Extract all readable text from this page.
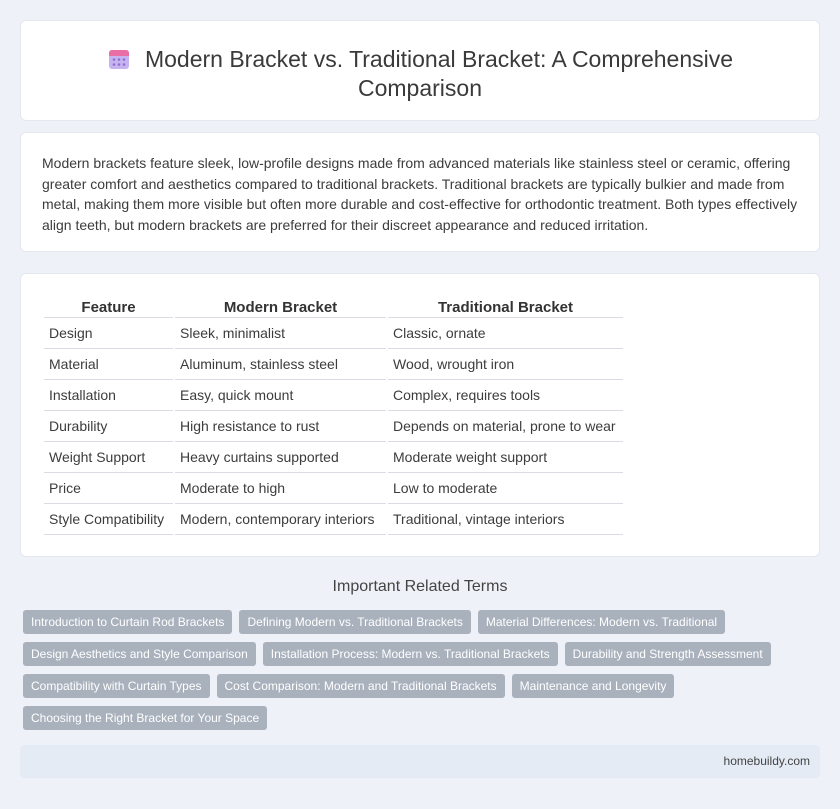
Modern Bracket vs. Traditional Bracket: A Comprehensive Comparison

Modern brackets feature sleek, low-profile designs made from advanced materials like stainless steel or ceramic, offering greater comfort and aesthetics compared to traditional brackets. Traditional brackets are typically bulkier and made from metal, making them more visible but often more durable and cost-effective for orthodontic treatment. Both types effectively align teeth, but modern brackets are preferred for their discreet appearance and reduced irritation.

Feature	Modern Bracket	Traditional Bracket
Design	Sleek, minimalist	Classic, ornate
Material	Aluminum, stainless steel	Wood, wrought iron
Installation	Easy, quick mount	Complex, requires tools
Durability	High resistance to rust	Depends on material, prone to wear
Weight Support	Heavy curtains supported	Moderate weight support
Price	Moderate to high	Low to moderate
Style Compatibility	Modern, contemporary interiors	Traditional, vintage interiors
Important Related Terms
Introduction to Curtain Rod Brackets	Defining Modern vs. Traditional Brackets	Material Differences: Modern vs. Traditional
Design Aesthetics and Style Comparison	Installation Process: Modern vs. Traditional Brackets	Durability and Strength Assessment
Compatibility with Curtain Types	Cost Comparison: Modern and Traditional Brackets	Maintenance and Longevity
Choosing the Right Bracket for Your Space
homebuildy.com
